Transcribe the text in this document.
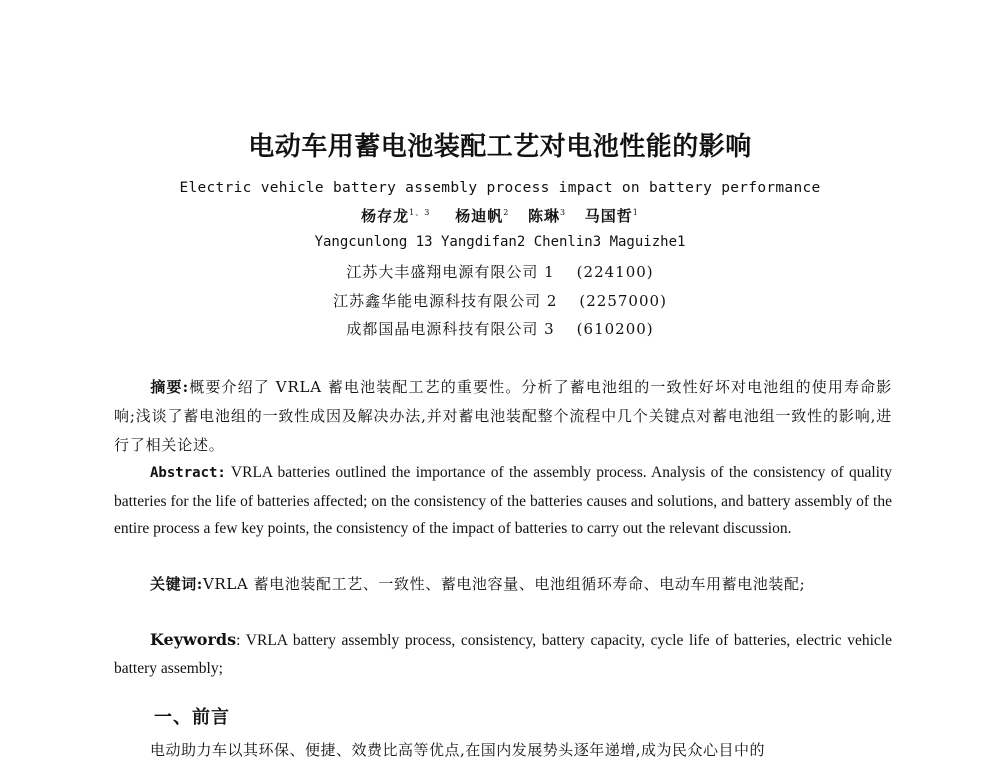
电动车用蓄电池装配工艺对电池性能的影响
Electric vehicle battery assembly process impact on battery performance
杨存龙$^{1、3}$ 杨迪帆$^2$ 陈琳$^3$ 马国哲$^1$
Yangcunlong 13 Yangdifan2 Chenlin3 Maguizhe1
江苏大丰盛翔电源有限公司 1 (224100)
江苏鑫华能电源科技有限公司 2 (2257000)
成都国晶电源科技有限公司 3 (610200)
摘要:概要介绍了 VRLA 蓄电池装配工艺的重要性。分析了蓄电池组的一致性好坏对电池组的使用寿命影响;浅谈了蓄电池组的一致性成因及解决办法,并对蓄电池装配整个流程中几个关键点对蓄电池组一致性的影响,进行了相关论述。
Abstract: VRLA batteries outlined the importance of the assembly process. Analysis of the consistency of quality batteries for the life of batteries affected; on the consistency of the batteries causes and solutions, and battery assembly of the entire process a few key points, the consistency of the impact of batteries to carry out the relevant discussion.
关键词:VRLA 蓄电池装配工艺、一致性、蓄电池容量、电池组循环寿命、电动车用蓄电池装配;
Keywords: VRLA battery assembly process, consistency, battery capacity, cycle life of batteries, electric vehicle battery assembly;
一、前言
电动助力车以其环保、便捷、效费比高等优点,在国内发展势头逐年递增,成为民众心目中的
